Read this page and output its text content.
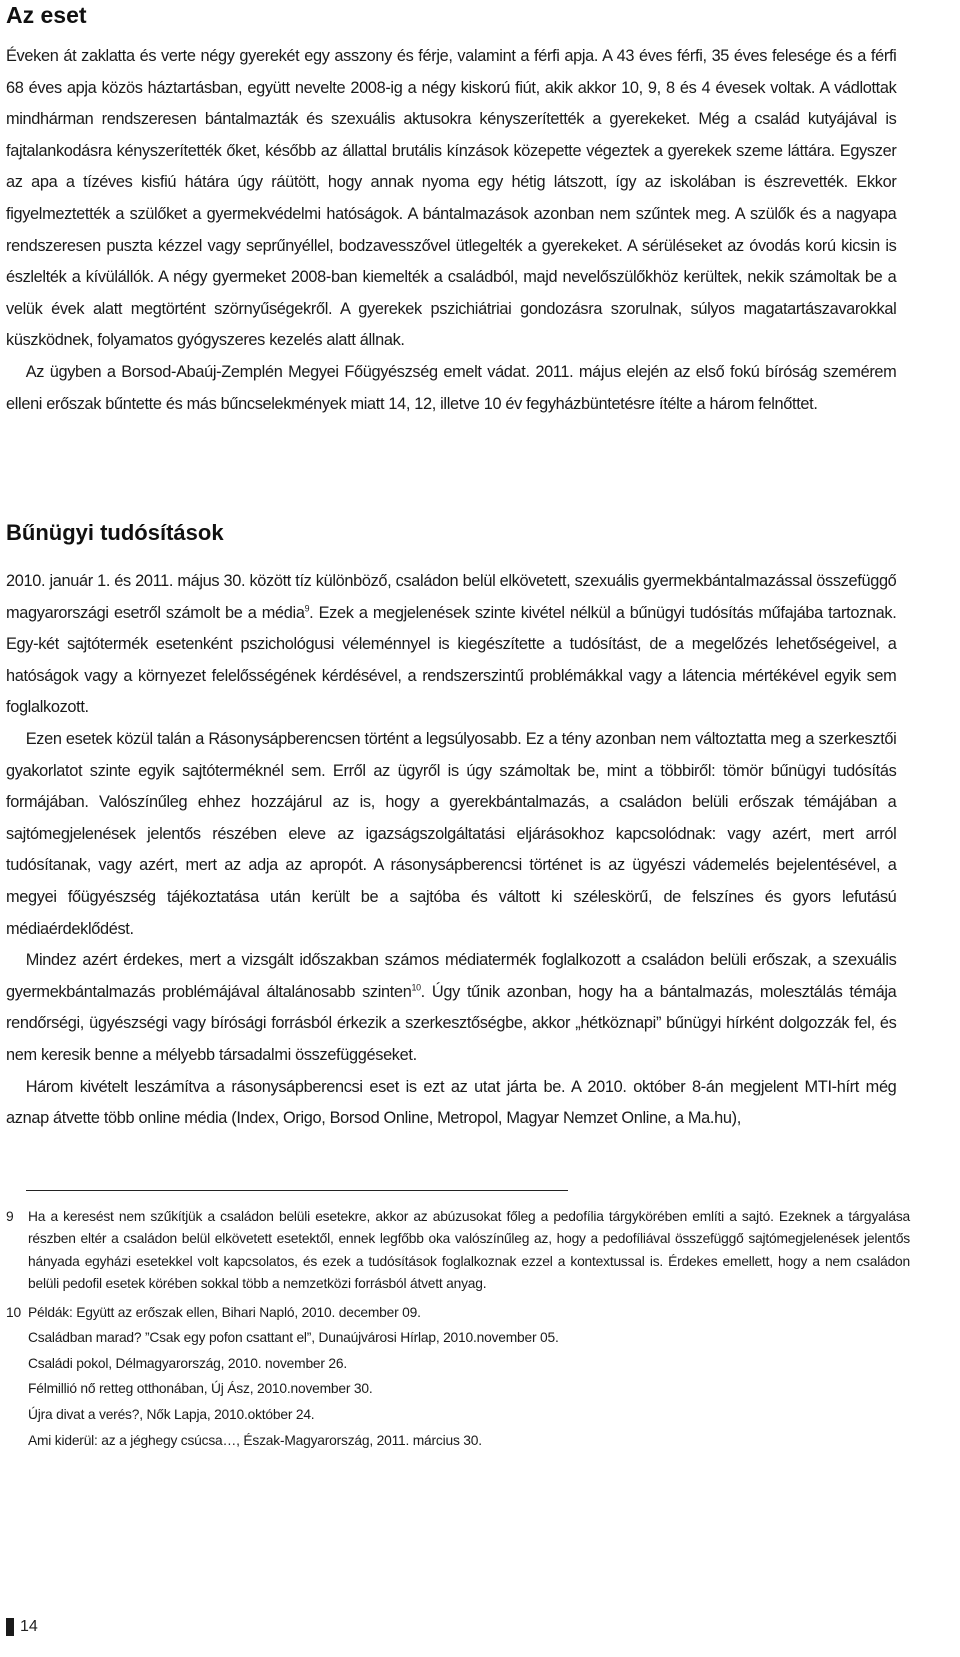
Az eset

Éveken át zaklatta és verte négy gyerekét egy asszony és férje, valamint a férfi apja. A 43 éves férfi, 35 éves felesége és a férfi 68 éves apja közös háztartásban, együtt nevelte 2008-ig a négy kiskorú fiút, akik akkor 10, 9, 8 és 4 évesek voltak. A vádlottak mindhárman rendszeresen bántalmazták és szexuális aktusokra kényszerítették a gyerekeket. Még a család kutyájával is fajtalankodásra kényszerítették őket, később az állattal brutális kínzások közepette végeztek a gyerekek szeme láttára. Egyszer az apa a tízéves kisfiú hátára úgy ráütött, hogy annak nyoma egy hétig látszott, így az iskolában is észrevették. Ekkor figyelmeztették a szülőket a gyermekvédelmi hatóságok. A bántalmazások azonban nem szűntek meg. A szülők és a nagyapa rendszeresen puszta kézzel vagy seprűnyéllel, bodzavesszővel ütlegelték a gyerekeket. A sérüléseket az óvodás korú kicsin is észlelték a kívülállók. A négy gyermeket 2008-ban kiemelték a családból, majd nevelőszülőkhöz kerültek, nekik számoltak be a velük évek alatt megtörtént szörnyűségekről. A gyerekek pszichiátriai gondozásra szorulnak, súlyos magatartászavarokkal küszködnek, folyamatos gyógyszeres kezelés alatt állnak.

Az ügyben a Borsod-Abaúj-Zemplén Megyei Főügyészség emelt vádat. 2011. május elején az első fokú bíróság szemérem elleni erőszak bűntette és más bűncselekmények miatt 14, 12, illetve 10 év fegyházbüntetésre ítélte a három felnőttet.

Bűnügyi tudósítások

2010. január 1. és 2011. május 30. között tíz különböző, családon belül elkövetett, szexuális gyermekbántalmazással összefüggő magyarországi esetről számolt be a média$^9$. Ezek a megjelenések szinte kivétel nélkül a bűnügyi tudósítás műfajába tartoznak. Egy-két sajtótermék esetenként pszichológusi véleménnyel is kiegészítette a tudósítást, de a megelőzés lehetőségeivel, a hatóságok vagy a környezet felelősségének kérdésével, a rendszerszintű problémákkal vagy a látencia mértékével egyik sem foglalkozott.

Ezen esetek közül talán a Rásonysápberencsen történt a legsúlyosabb. Ez a tény azonban nem változtatta meg a szerkesztői gyakorlatot szinte egyik sajtóterméknél sem. Erről az ügyről is úgy számoltak be, mint a többiről: tömör bűnügyi tudósítás formájában. Valószínűleg ehhez hozzájárul az is, hogy a gyerekbántalmazás, a családon belüli erőszak témájában a sajtómegjelenések jelentős részében eleve az igazságszolgáltatási eljárásokhoz kapcsolódnak: vagy azért, mert arról tudósítanak, vagy azért, mert az adja az apropót. A rásonysápberencsi történet is az ügyészi vádemelés bejelentésével, a megyei főügyészség tájékoztatása után került be a sajtóba és váltott ki széleskörű, de felszínes és gyors lefutású médiaérdeklődést.

Mindez azért érdekes, mert a vizsgált időszakban számos médiatermék foglalkozott a családon belüli erőszak, a szexuális gyermekbántalmazás problémájával általánosabb szinten$^{10}$. Úgy tűnik azonban, hogy ha a bántalmazás, molesztálás témája rendőrségi, ügyészségi vagy bírósági forrásból érkezik a szerkesztőségbe, akkor „hétköznapi” bűnügyi hírként dolgozzák fel, és nem keresik benne a mélyebb társadalmi összefüggéseket.

Három kivételt leszámítva a rásonysápberencsi eset is ezt az utat járta be. A 2010. október 8-án megjelent MTI-hírt még aznap átvette több online média (Index, Origo, Borsod Online, Metropol, Magyar Nemzet Online, a Ma.hu),

9	Ha a keresést nem szűkítjük a családon belüli esetekre, akkor az abúzusokat főleg a pedofília tárgykörében említi a sajtó. Ezeknek a tárgyalása részben eltér a családon belül elkövetett esetektől, ennek legfőbb oka valószínűleg az, hogy a pedofíliával összefüggő sajtómegjelenések jelentős hányada egyházi esetekkel volt kapcsolatos, és ezek a tudósítások foglalkoznak ezzel a kontextussal is. Érdekes emellett, hogy a nem családon belüli pedofil esetek körében sokkal több a nemzetközi forrásból átvett anyag.
10 Példák: Együtt az erőszak ellen, Bihari Napló, 2010. december 09.
Családban marad? ”Csak egy pofon csattant el”, Dunaújvárosi Hírlap, 2010.november 05.
Családi pokol, Délmagyarország, 2010. november 26.
Félmillió nő retteg otthonában, Új Ász, 2010.november 30.
Újra divat a verés?, Nők Lapja, 2010.október 24.
Ami kiderül: az a jéghegy csúcsa…, Észak-Magyarország, 2011. március 30.
14
